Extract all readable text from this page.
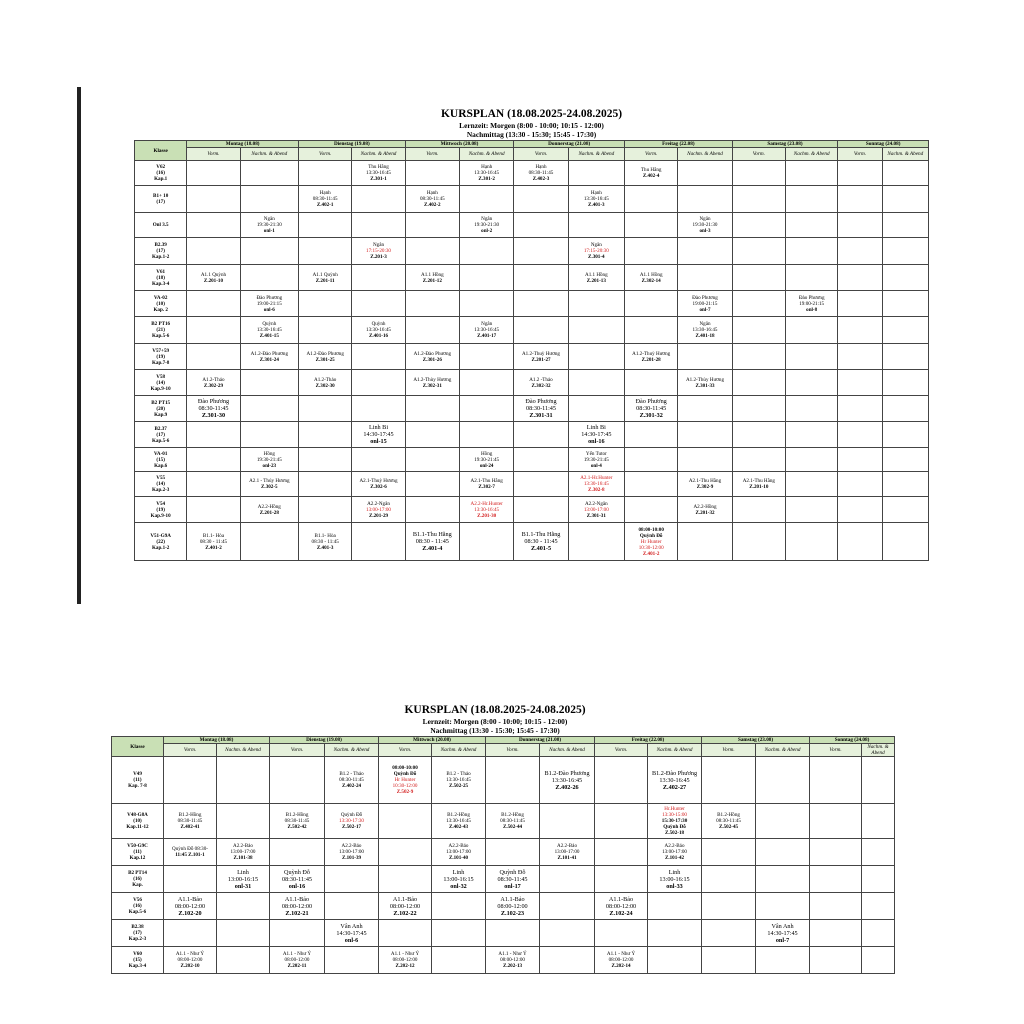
KURSPLAN (18.08.2025-24.08.2025)
Lernzeit: Morgen (8:00 - 10:00; 10:15 - 12:00)
Nachmittag (13:30 - 15:30; 15:45 - 17:30)
Klasse	Montag (18.08)		Dienstag (19.08)		Mittwoch (20.08)		Donnerstag (21.08)		Freitag (22.08)		Samstag (23.08)		Sonntag (24.08)	
	Vorm.	Nachm. & Abend	Vorm.	Nachm. & Abend	Vorm.	Nachm. & Abend	Vorm.	Nachm. & Abend	Vorm.	Nachm. & Abend	Vorm.	Nachm. & Abend	Vorm.	Nachm. & Abend

V62
(16)
Kap.1				Thu Hằng
13:30-16:45
Z.301-1		Hạnh
13:30-16:45
Z.301-2	Hạnh
08:30-11:45
Z.402-3		Thu Hằng
Z.402-4					

B1+ 10
(17)			Hạnh
08:30-11:45
Z.402-1		Hạnh
08:30-11:45
Z.402-2			Hạnh
13:30-16:45
Z.401-3						

Onl 3.5		Ngân
19:30-21:30
onl-1				Ngân
19:30-21:30
onl-2				Ngân
19:30-21:30
onl-3				

B2.39
(17)
Kap.1-2				Ngân
17:15-20:30
Z.201-3				Ngân
17:15-20:30
Z.301-4						

V61
(18)
Kap.3-4	A1.1 Quỳnh
Z.201-10		A1.1 Quỳnh
Z.201-11		A1.1 Hồng
Z.201-12			A1.1 Hồng
Z.201-13	A1.1 Hồng
Z.302-14					

VA-02
(10)
Kap. 2		Đào Phương
19:00-21:15
onl-6								Đào Phương
19:00-21:15
onl-7		Đào Phương
19:00-21:15
onl-8		

B2 PT16
(21)
Kap.5-6		Quỳnh
13:30-16:45
Z.401-15		Quỳnh
13:30-16:45
Z.401-16		Ngân
13:30-16:45
Z.401-17				Ngân
13:30-16:45
Z.401-18				

V57+59
(19)
Kap.7-8		A1.2-Đào Phương
Z.301-24	A1.2-Đào Phương
Z.301-25		A1.2-Đào Phương
Z.301-26		A1.2-Thuỳ Hương
Z.201-27		A1.2-Thuỳ Hương
Z.201-28					

V58
(14)
Kap.9-10	A1.2-Thảo
Z.302-29		A1.2-Thảo
Z.302-30		A1.2-Thùy Hương
Z.302-31		A1.2 -Thảo
Z.302-32			A1.2-Thùy Hương
Z.301-33				

B2 PT15
(20)
Kap.9	Đào Phương
08:30-11:45
Z.301-30						Đào Phương
08:30-11:45
Z.301-31		Đào Phương
08:30-11:45
Z.301-32					

B2.37
(17)
Kap.5-6				Linh Bi
14:30-17:45
onl-15				Linh Bi
14:30-17:45
onl-16						

VA-01
(15)
Kap.6		Hồng
19:30-21:45
onl-23				Hồng
19:30-21:45
onl-24		Yến Tutor
19:30-21:45
onl-4						

V55
(14)
Kap.2-3		A2.1 - Thúy Hương
Z.302-5		A2.1-Thuỳ Hương
Z.302-6		A2.1-Thu Hằng
Z.302-7		A2.1-Hr.Hunter
13:30-16:45
Z.302-8		A2.1-Thu Hằng
Z.302-9	A2.1-Thu Hằng
Z.201-10			

V54
(19)
Kap.9-10		A2.2-Hồng
Z.201-28		A2.2-Ngân
13:00-17:00
Z.201-29		A2.2-Hr.Hunter
13:30-16:45
Z.201-30		A2.2-Ngân
13:00-17:00
Z.301-31		A2.2-Hồng
Z.201-32				

V51-G9A
(22)
Kap.1-2	B1.1- Hòa
08:30 - 11:45
Z.401-2		B1.1- Hòa
08:30 - 11:45
Z.401-3		B1.1-Thu Hằng
08:30 - 11:45
Z.401-4		B1.1-Thu Hằng
08:30 - 11:45
Z.401-5		08:00-10:00
Quỳnh Đỗ
Hr Hunter
10:30-12:00
Z.401-2					

KURSPLAN (18.08.2025-24.08.2025)
Lernzeit: Morgen (8:00 - 10:00; 10:15 - 12:00)
Nachmittag (13:30 - 15:30; 15:45 - 17:30)
Klasse	Montag (18.08)		Dienstag (19.08)		Mittwoch (20.08)		Donnerstag (21.08)		Freitag (22.08)		Samstag (23.08)		Sonntag (24.08)	
	Vorm.	Nachm. & Abend	Vorm.	Nachm. & Abend	Vorm.	Nachm. & Abend	Vorm.	Nachm. & Abend	Vorm.	Nachm. & Abend	Vorm.	Nachm. & Abend	Vorm.	Nachm. & Abend

V49
(11)
Kap. 7-8				B1.2 - Thảo
08:30-11:45
Z.402-24	08:00-10:00
Quỳnh Đỗ
Hr Hunter
10:30-12:00
Z.502-9	B1.2 - Thảo
13:30-16:45
Z.502-25		B1.2-Đào Phương
13:30-16:45
Z.402-26		B1.2-Đào Phương
13:30-16:45
Z.402-27				

V48-G8A
(10)
Kap.11-12	B1.2-Hồng
08:30-11:45
Z.402-41		B1.2-Hồng
08:30-11:45
Z.502-42	Quỳnh Đỗ
13:30-17:30
Z.502-17		B1.2-Hồng
13:30-16:45
Z.402-43	B1.2-Hồng
08:30-11:45
Z.502-44			Hr.Hunter
13:30-15:00
15:30-17:30
Quỳnh Đỗ
Z.502-18	B1.2-Hồng
08:30-11:45
Z.502-45			

V50-G9C
(11)
Kap.12	Quỳnh Đỗ 08:30-
11:45 Z.101-1	A2.2-Bảo
13:00-17:00
Z.101-38		A2.2-Bảo
13:00-17:00
Z.101-39		A2.2-Bảo
13:00-17:00
Z.101-40		A2.2-Bảo
13:00-17:00
Z.101-41		A2.2-Bảo
13:00-17:00
Z.101-42				

B2 PT14
(16)
Kap.		Linh
13:00-16:15
onl-31	Quỳnh Đỗ
08:30-11:45
onl-16			Linh
13:00-16:15
onl-32	Quỳnh Đỗ
08:30-11:45
onl-17			Linh
13:00-16:15
onl-33				

V56
(16)
Kap.5-6	A1.1-Bảo
08:00-12:00
Z.102-20		A1.1-Bảo
08:00-12:00
Z.102-21		A1.1-Bảo
08:00-12:00
Z.102-22		A1.1-Bảo
08:00-12:00
Z.102-23		A1.1-Bảo
08:00-12:00
Z.102-24					

B2.38
(17)
Kap.2-3				Vân Anh
14:30-17:45
onl-6								Vân Anh
14:30-17:45
onl-7		

V60
(15)
Kap.3-4	A1.1 - Như Ý
08:00-12:00
Z.202-10		A1.1 - Như Ý
08:00-12:00
Z.202-11		A1.1 - Như Ý
08:00-12:00
Z.202-12		A1.1 - Như Ý
08:00-12:00
Z.202-13		A1.1 - Như Ý
08:00-12:00
Z.202-14					
